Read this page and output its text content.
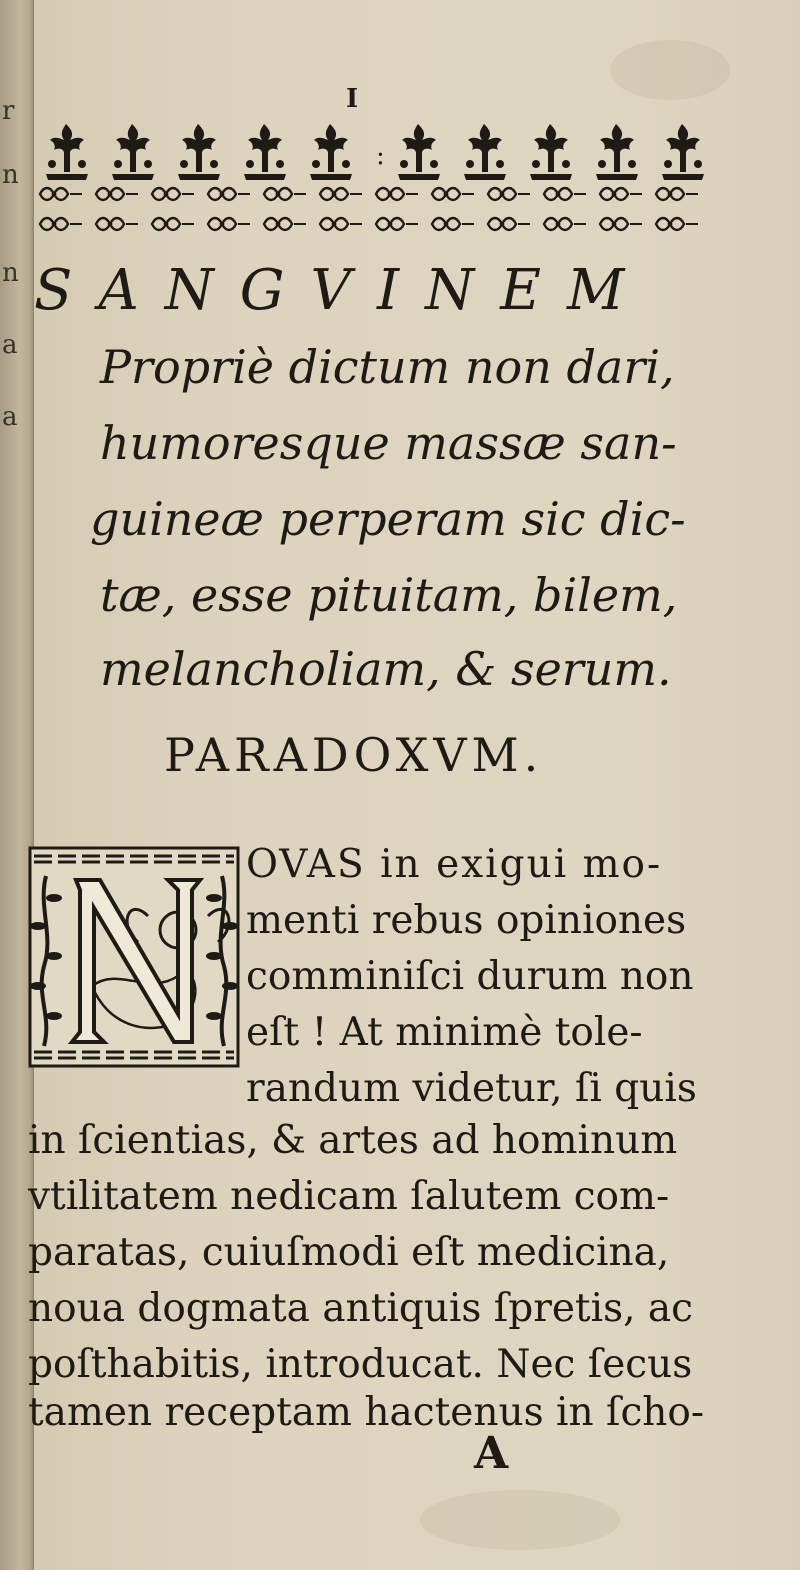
r
n
n
a
a
I
:
SANGVINEM
Propriè dictum non dari,
humoresque massæ san-
guineæ perperam sic dic-
tæ, esse pituitam, bilem,
melancholiam, & serum.
PARADOXVM.
N	OVAS in exigui mo-
menti rebus opiniones
comminiſci durum non
eſt ! At minimè tole-
randum videtur, ſi quis
in ſcientias, & artes ad hominum
vtilitatem nedicam ſalutem com-
paratas, cuiuſmodi eſt medicina,
noua dogmata antiquis ſpretis, ac
poſthabitis, introducat. Nec ſecus
tamen receptam hactenus in ſcho-
A
